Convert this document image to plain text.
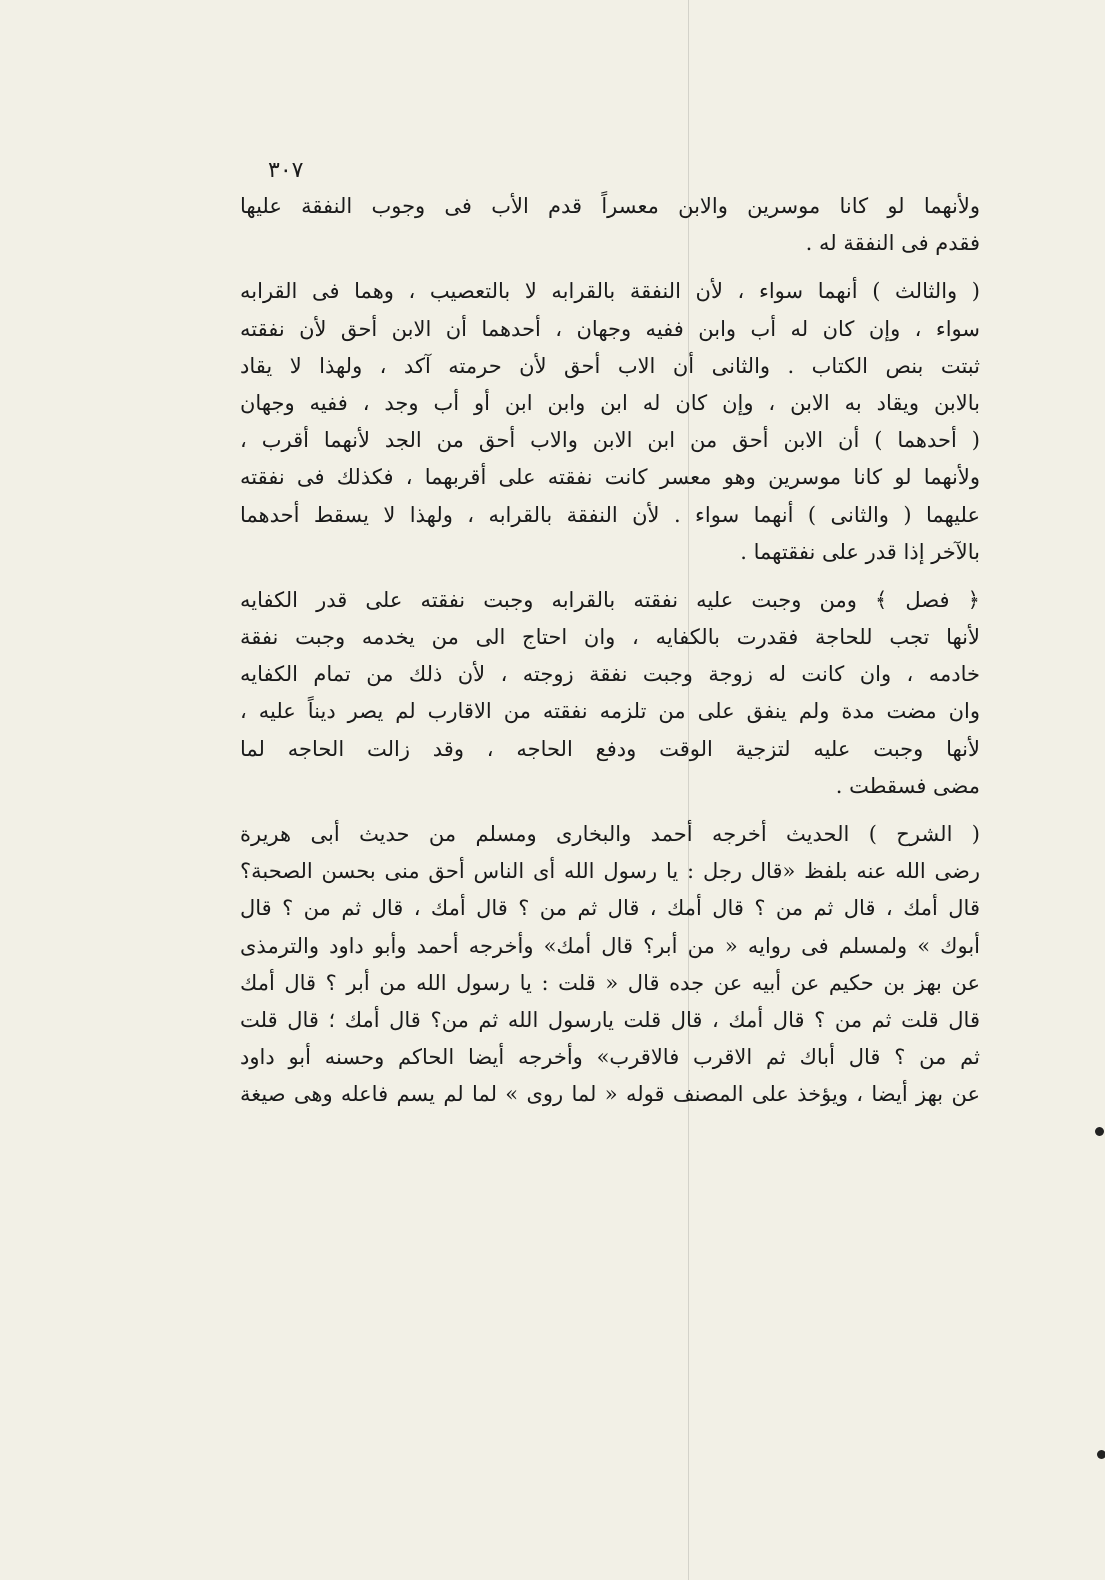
٣٠٧
ولأنهما لو كانا موسرين والابن معسراً قدم الأب فى وجوب النفقة عليها
فقدم فى النفقة له .
( والثالث ) أنهما سواء ، لأن النفقة بالقرابه لا بالتعصيب ، وهما فى القرابه
سواء ، وإن كان له أب وابن ففيه وجهان ، أحدهما أن الابن أحق لأن نفقته
ثبتت بنص الكتاب . والثانى أن الاب أحق لأن حرمته آكد ، ولهذا لا يقاد
بالابن ويقاد به الابن ، وإن كان له ابن وابن ابن أو أب وجد ، ففيه وجهان
( أحدهما ) أن الابن أحق من ابن الابن والاب أحق من الجد لأنهما أقرب ،
ولأنهما لو كانا موسرين وهو معسر كانت نفقته على أقربهما ، فكذلك فى نفقته
عليهما ( والثانى ) أنهما سواء . لأن النفقة بالقرابه ، ولهذا لا يسقط أحدهما
بالآخر إذا قدر على نفقتهما .
﴿ فصل ﴾ ومن وجبت عليه نفقته بالقرابه وجبت نفقته على قدر الكفايه
لأنها تجب للحاجة فقدرت بالكفايه ، وان احتاج الى من يخدمه وجبت نفقة
خادمه ، وان كانت له زوجة وجبت نفقة زوجته ، لأن ذلك من تمام الكفايه
وان مضت مدة ولم ينفق على من تلزمه نفقته من الاقارب لم يصر ديناً عليه ،
لأنها وجبت عليه لتزجية الوقت ودفع الحاجه ، وقد زالت الحاجه لما
مضى فسقطت .
( الشرح ) الحديث أخرجه أحمد والبخارى ومسلم من حديث أبى هريرة
رضى الله عنه بلفظ «قال رجل : يا رسول الله أى الناس أحق منى بحسن الصحبة؟
قال أمك ، قال ثم من ؟ قال أمك ، قال ثم من ؟ قال أمك ، قال ثم من ؟ قال
أبوك » ولمسلم فى روايه « من أبر؟ قال أمك» وأخرجه أحمد وأبو داود والترمذى
عن بهز بن حكيم عن أبيه عن جده قال « قلت : يا رسول الله من أبر ؟ قال أمك
قال قلت ثم من ؟ قال أمك ، قال قلت يارسول الله ثم من؟ قال أمك ؛ قال قلت
ثم من ؟ قال أباك ثم الاقرب فالاقرب» وأخرجه أيضا الحاكم وحسنه أبو داود
عن بهز أيضا ، ويؤخذ على المصنف قوله « لما روى » لما لم يسم فاعله وهى صيغة
